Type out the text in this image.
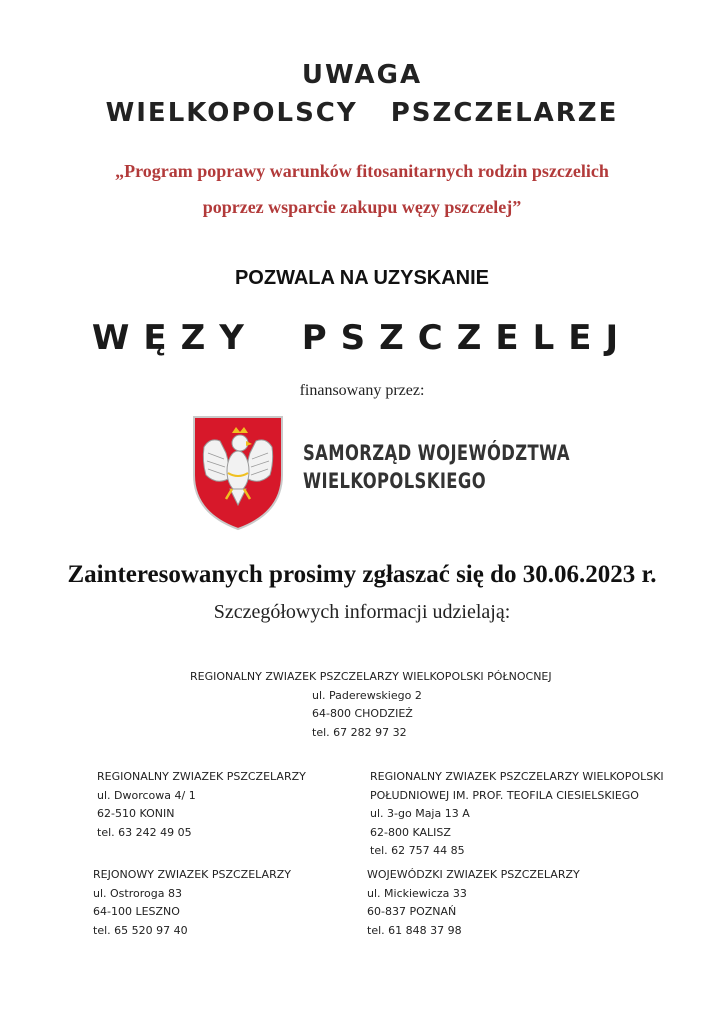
UWAGA
WIELKOPOLSCY PSZCZELARZE
„Program poprawy warunków fitosanitarnych rodzin pszczelich
poprzez wsparcie zakupu węzy pszczelej”
POZWALA NA UZYSKANIE
WĘZY PSZCZELEJ
finansowany przez:
SAMORZĄD WOJEWÓDZTWA
WIELKOPOLSKIEGO
Zainteresowanych prosimy zgłaszać się do 30.06.2023 r.
Szczegółowych informacji udzielają:
REGIONALNY ZWIAZEK PSZCZELARZY WIELKOPOLSKI PÓŁNOCNEJ
ul. Paderewskiego 2
64-800 CHODZIEŻ
tel. 67 282 97 32
REGIONALNY ZWIAZEK PSZCZELARZY
ul. Dworcowa 4/ 1
62-510 KONIN
tel. 63 242 49 05
REGIONALNY ZWIAZEK PSZCZELARZY WIELKOPOLSKI
POŁUDNIOWEJ IM. PROF. TEOFILA CIESIELSKIEGO
ul. 3-go Maja 13 A
62-800 KALISZ
tel. 62 757 44 85
REJONOWY ZWIAZEK PSZCZELARZY
ul. Ostroroga 83
64-100 LESZNO
tel. 65 520 97 40
WOJEWÓDZKI ZWIAZEK PSZCZELARZY
ul. Mickiewicza 33
60-837 POZNAŃ
tel. 61 848 37 98
